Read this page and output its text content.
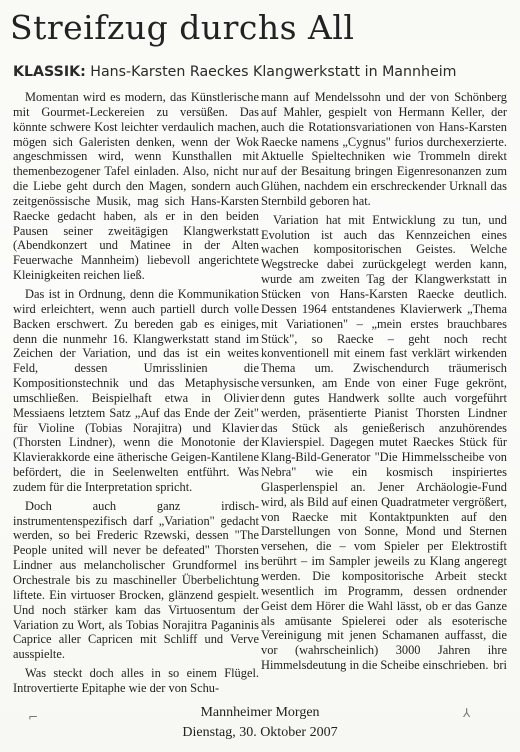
Streifzug durchs All
KLASSIK: Hans-Karsten Raeckes Klangwerkstatt in Mannheim

Momentan wird es modern, das Künstlerische mit Gourmet-Leckereien zu versüßen. Das könnte schwere Kost leichter verdaulich machen, mögen sich Galeristen denken, wenn der Wok angeschmissen wird, wenn Kunsthallen mit themenbezogener Tafel einladen. Also, nicht nur die Liebe geht durch den Magen, sondern auch zeitgenössische Musik, mag sich Hans-Karsten Raecke gedacht haben, als er in den beiden Pausen seiner zweitägigen Klangwerkstatt (Abendkonzert und Matinee in der Alten Feuerwache Mannheim) liebevoll angerichtete Kleinigkeiten reichen ließ.

Das ist in Ordnung, denn die Kommunikation wird erleichtert, wenn auch partiell durch volle Backen erschwert. Zu bereden gab es einiges, denn die nunmehr 16. Klangwerkstatt stand im Zeichen der Variation, und das ist ein weites Feld, dessen Umrisslinien die Kompositionstechnik und das Metaphysische umschließen. Beispielhaft etwa in Olivier Messiaens letztem Satz „Auf das Ende der Zeit" für Violine (Tobias Norajitra) und Klavier (Thorsten Lindner), wenn die Monotonie der Klavierakkorde eine ätherische Geigen-Kantilene befördert, die in Seelenwelten entführt. Was zudem für die Interpretation spricht.

Doch auch ganz irdisch-instrumentenspezifisch darf „Variation" gedacht werden, so bei Frederic Rzewski, dessen "The People united will never be defeated" Thorsten Lindner aus melancholischer Grundformel ins Orchestrale bis zu maschineller Überbelichtung liftete. Ein virtuoser Brocken, glänzend gespielt. Und noch stärker kam das Virtuosentum der Variation zu Wort, als Tobias Norajitra Paganinis Caprice aller Capricen mit Schliff und Verve ausspielte.

Was steckt doch alles in so einem Flügel. Introvertierte Epitaphe wie der von Schu-

mann auf Mendelssohn und der von Schönberg auf Mahler, gespielt von Hermann Keller, der auch die Rotationsvariationen von Hans-Karsten Raecke namens „Cygnus" furios durchexerzierte. Aktuelle Spieltechniken wie Trommeln direkt auf der Besaitung bringen Eigenresonanzen zum Glühen, nachdem ein erschreckender Urknall das Sternbild geboren hat.

Variation hat mit Entwicklung zu tun, und Evolution ist auch das Kennzeichen eines wachen kompositorischen Geistes. Welche Wegstrecke dabei zurückgelegt werden kann, wurde am zweiten Tag der Klangwerkstatt in Stücken von Hans-Karsten Raecke deutlich. Dessen 1964 entstandenes Klavierwerk „Thema mit Variationen" – „mein erstes brauchbares Stück", so Raecke – geht noch recht konventionell mit einem fast verklärt wirkenden Thema um. Zwischendurch träumerisch versunken, am Ende von einer Fuge gekrönt, denn gutes Handwerk sollte auch vorgeführt werden, präsentierte Pianist Thorsten Lindner das Stück als genießerisch anzuhörendes Klavierspiel. Dagegen mutet Raeckes Stück für Klang-Bild-Generator "Die Himmelsscheibe von Nebra" wie ein kosmisch inspiriertes Glasperlenspiel an. Jener Archäologie-Fund wird, als Bild auf einen Quadratmeter vergrößert, von Raecke mit Kontaktpunkten auf den Darstellungen von Sonne, Mond und Sternen versehen, die – vom Spieler per Elektrostift berührt – im Sampler jeweils zu Klang angeregt werden. Die kompositorische Arbeit steckt wesentlich im Programm, dessen ordnender Geist dem Hörer die Wahl lässt, ob er das Ganze als amüsante Spielerei oder als esoterische Vereinigung mit jenen Schamanen auffasst, die vor (wahrscheinlich) 3000 Jahren ihre Himmelsdeutung in die Scheibe einschrieben. bri

⌐	⅄
Mannheimer Morgen
Dienstag, 30. Oktober 2007
